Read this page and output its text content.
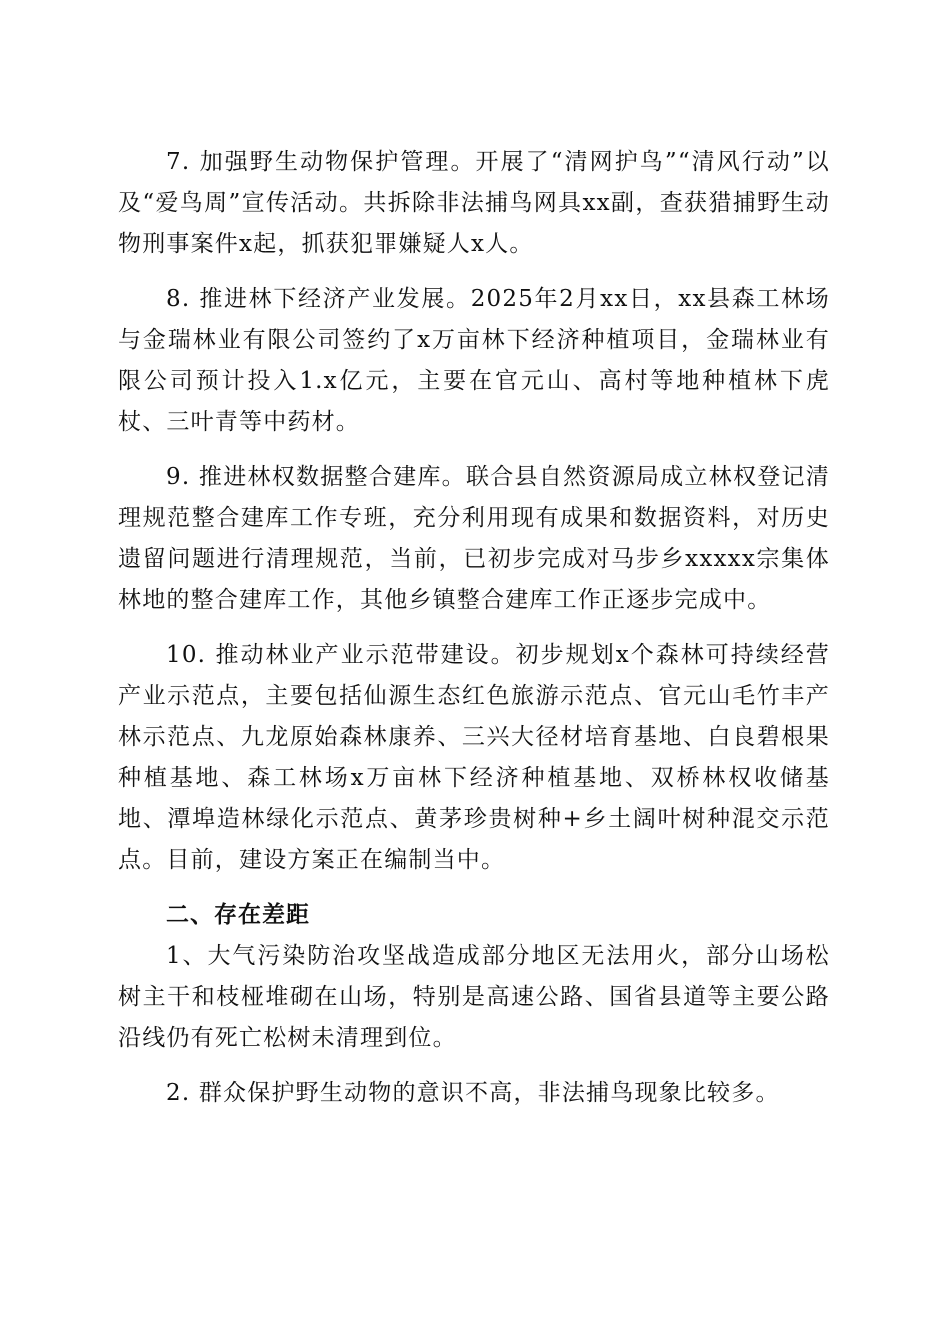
7. 加强野生动物保护管理。开展了“清网护鸟”“清风行动”以及“爱鸟周”宣传活动。共拆除非法捕鸟网具xx副，查获猎捕野生动物刑事案件x起，抓获犯罪嫌疑人x人。

8. 推进林下经济产业发展。2025年2月xx日，xx县森工林场与金瑞林业有限公司签约了x万亩林下经济种植项目，金瑞林业有限公司预计投入1.x亿元，主要在官元山、高村等地种植林下虎杖、三叶青等中药材。

9. 推进林权数据整合建库。联合县自然资源局成立林权登记清理规范整合建库工作专班，充分利用现有成果和数据资料，对历史遗留问题进行清理规范，当前，已初步完成对马步乡xxxxx宗集体林地的整合建库工作，其他乡镇整合建库工作正逐步完成中。

10. 推动林业产业示范带建设。初步规划x个森林可持续经营产业示范点，主要包括仙源生态红色旅游示范点、官元山毛竹丰产林示范点、九龙原始森林康养、三兴大径材培育基地、白良碧根果种植基地、森工林场x万亩林下经济种植基地、双桥林权收储基地、潭埠造林绿化示范点、黄茅珍贵树种+乡土阔叶树种混交示范点。目前，建设方案正在编制当中。

二、存在差距

1、大气污染防治攻坚战造成部分地区无法用火，部分山场松树主干和枝桠堆砌在山场，特别是高速公路、国省县道等主要公路沿线仍有死亡松树未清理到位。

2. 群众保护野生动物的意识不高，非法捕鸟现象比较多。
